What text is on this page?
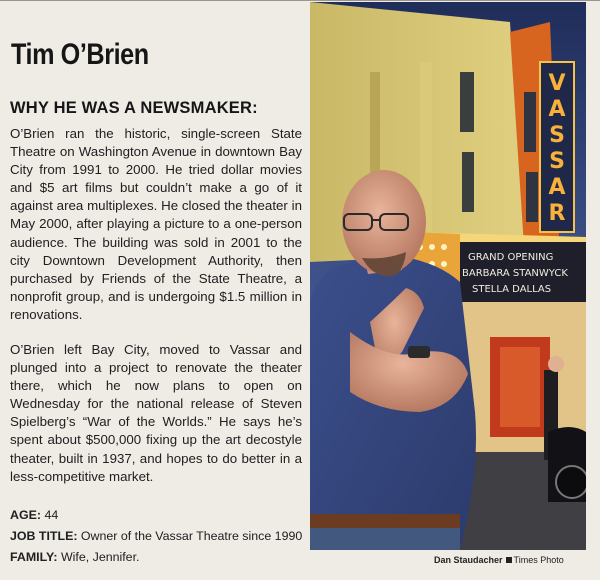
Tim O’Brien
WHY HE WAS A NEWSMAKER:

O’Brien ran the historic, single-screen State Theatre on Washington Avenue in downtown Bay City from 1991 to 2000. He tried dollar movies and $5 art films but couldn’t make a go of it against area multiplexes. He closed the theater in May 2000, after playing a picture to a one-person audience. The building was sold in 2001 to the city Downtown Development Authority, then purchased by Friends of the State Theatre, a nonprofit group, and is undergoing $1.5 million in renovations.

O’Brien left Bay City, moved to Vassar and plunged into a project to renovate the theater there, which he now plans to open on Wednesday for the national release of Steven Spielberg’s “War of the Worlds.” He says he’s spent about $500,000 fixing up the art decostyle theater, built in 1937, and hopes to do better in a less-competitive market.

AGE: 44
JOB TITLE: Owner of the Vassar Theatre since 1990
FAMILY: Wife, Jennifer.
V
A
S
S
A
R
GRAND OPENING
BARBARA STANWYCK
STELLA DALLAS
Dan Staudacher Times Photo
